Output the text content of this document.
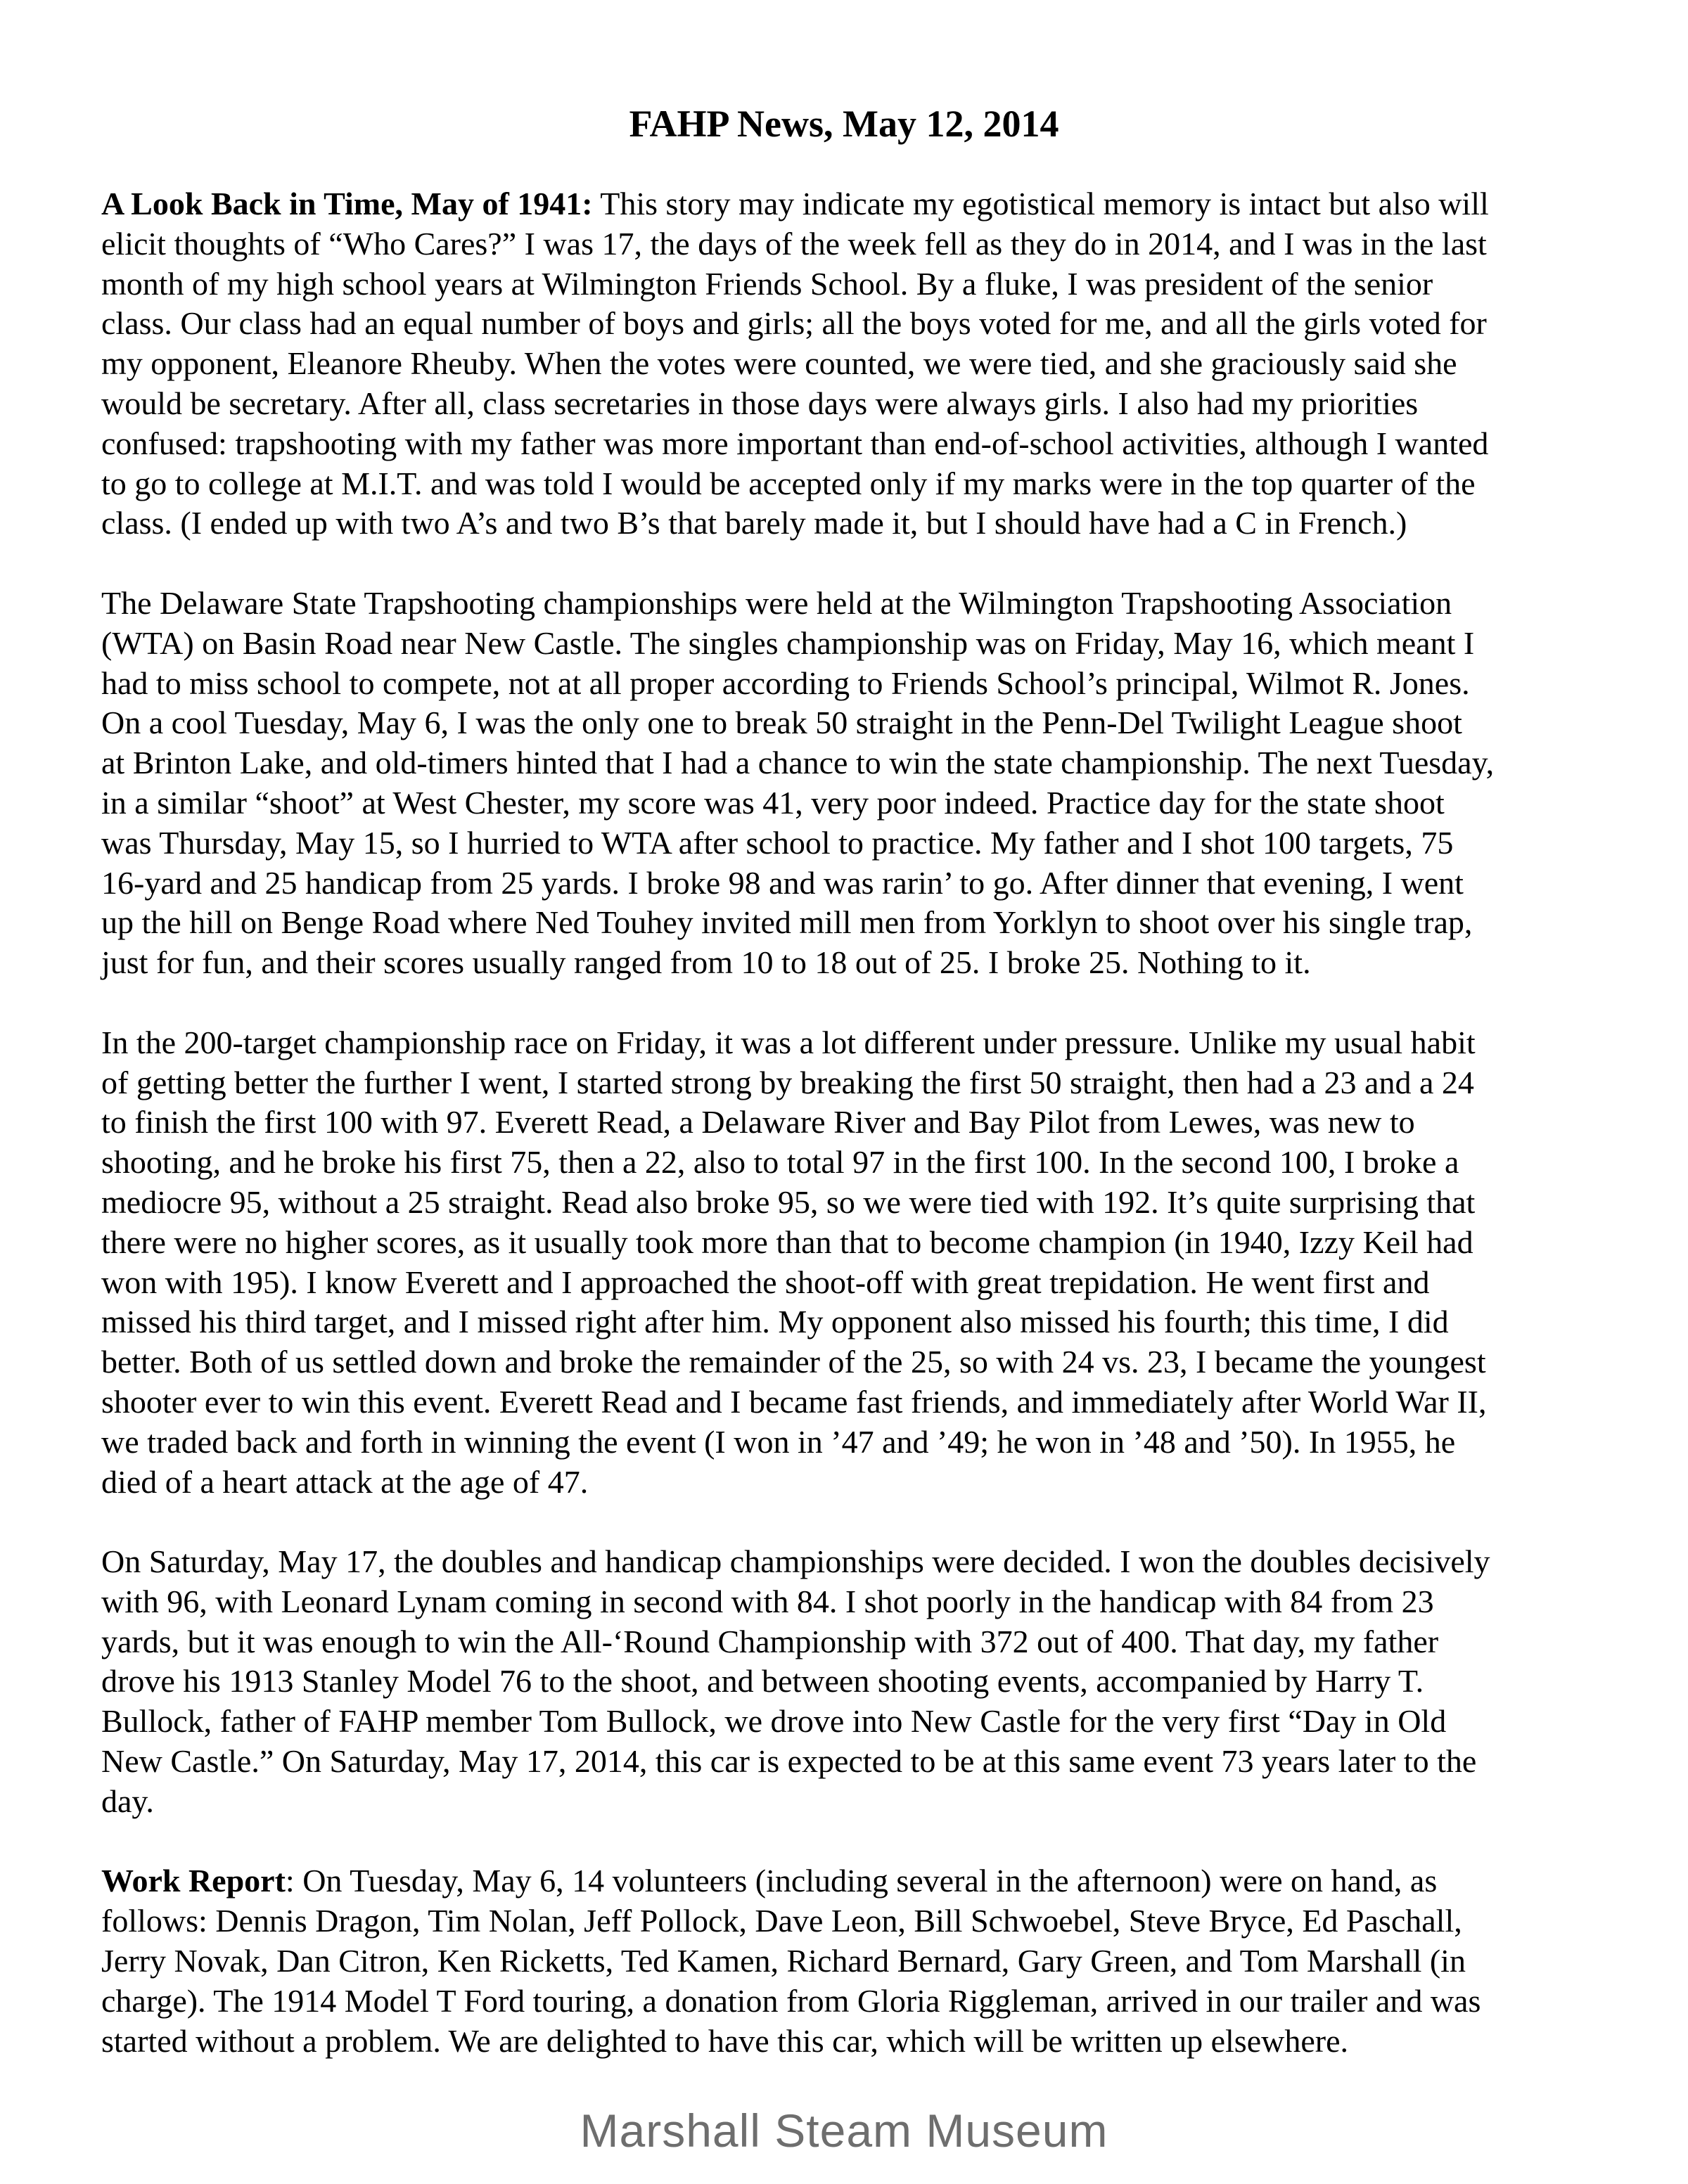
FAHP News, May 12, 2014
A Look Back in Time, May of 1941: This story may indicate my egotistical memory is intact but also will
elicit thoughts of “Who Cares?” I was 17, the days of the week fell as they do in 2014, and I was in the last
month of my high school years at Wilmington Friends School. By a fluke, I was president of the senior
class. Our class had an equal number of boys and girls; all the boys voted for me, and all the girls voted for
my opponent, Eleanore Rheuby. When the votes were counted, we were tied, and she graciously said she
would be secretary. After all, class secretaries in those days were always girls. I also had my priorities
confused: trapshooting with my father was more important than end-of-school activities, although I wanted
to go to college at M.I.T. and was told I would be accepted only if my marks were in the top quarter of the
class. (I ended up with two A’s and two B’s that barely made it, but I should have had a C in French.)
The Delaware State Trapshooting championships were held at the Wilmington Trapshooting Association
(WTA) on Basin Road near New Castle. The singles championship was on Friday, May 16, which meant I
had to miss school to compete, not at all proper according to Friends School’s principal, Wilmot R. Jones.
On a cool Tuesday, May 6, I was the only one to break 50 straight in the Penn-Del Twilight League shoot
at Brinton Lake, and old-timers hinted that I had a chance to win the state championship. The next Tuesday,
in a similar “shoot” at West Chester, my score was 41, very poor indeed. Practice day for the state shoot
was Thursday, May 15, so I hurried to WTA after school to practice. My father and I shot 100 targets, 75
16-yard and 25 handicap from 25 yards. I broke 98 and was rarin’ to go. After dinner that evening, I went
up the hill on Benge Road where Ned Touhey invited mill men from Yorklyn to shoot over his single trap,
just for fun, and their scores usually ranged from 10 to 18 out of 25. I broke 25. Nothing to it.
In the 200-target championship race on Friday, it was a lot different under pressure. Unlike my usual habit
of getting better the further I went, I started strong by breaking the first 50 straight, then had a 23 and a 24
to finish the first 100 with 97. Everett Read, a Delaware River and Bay Pilot from Lewes, was new to
shooting, and he broke his first 75, then a 22, also to total 97 in the first 100. In the second 100, I broke a
mediocre 95, without a 25 straight. Read also broke 95, so we were tied with 192. It’s quite surprising that
there were no higher scores, as it usually took more than that to become champion (in 1940, Izzy Keil had
won with 195). I know Everett and I approached the shoot-off with great trepidation. He went first and
missed his third target, and I missed right after him. My opponent also missed his fourth; this time, I did
better. Both of us settled down and broke the remainder of the 25, so with 24 vs. 23, I became the youngest
shooter ever to win this event. Everett Read and I became fast friends, and immediately after World War II,
we traded back and forth in winning the event (I won in ’47 and ’49; he won in ’48 and ’50). In 1955, he
died of a heart attack at the age of 47.
On Saturday, May 17, the doubles and handicap championships were decided. I won the doubles decisively
with 96, with Leonard Lynam coming in second with 84. I shot poorly in the handicap with 84 from 23
yards, but it was enough to win the All-‘Round Championship with 372 out of 400. That day, my father
drove his 1913 Stanley Model 76 to the shoot, and between shooting events, accompanied by Harry T.
Bullock, father of FAHP member Tom Bullock, we drove into New Castle for the very first “Day in Old
New Castle.” On Saturday, May 17, 2014, this car is expected to be at this same event 73 years later to the
day.
Work Report: On Tuesday, May 6, 14 volunteers (including several in the afternoon) were on hand, as
follows: Dennis Dragon, Tim Nolan, Jeff Pollock, Dave Leon, Bill Schwoebel, Steve Bryce, Ed Paschall,
Jerry Novak, Dan Citron, Ken Ricketts, Ted Kamen, Richard Bernard, Gary Green, and Tom Marshall (in
charge). The 1914 Model T Ford touring, a donation from Gloria Riggleman, arrived in our trailer and was
started without a problem. We are delighted to have this car, which will be written up elsewhere.
Marshall Steam Museum
